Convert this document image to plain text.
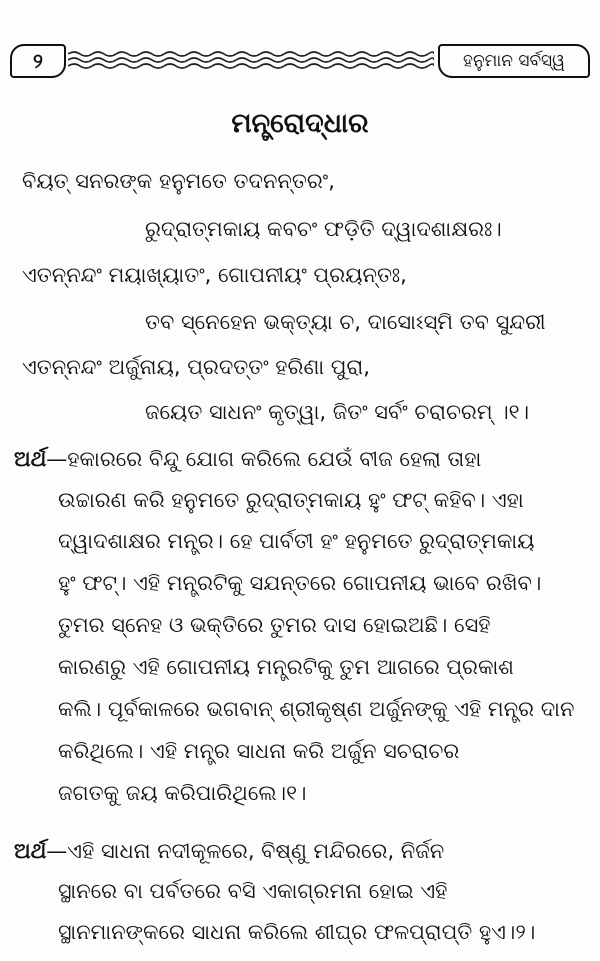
୨	ହନୁମାନ ସର୍ବସ୍ୱ
ମନ୍ତ୍ରୋଦ୍ଧାର
ବିୟତ୍ ସନରଙ୍କ ହନୁମତେ ତଦନନ୍ତରଂ,
ରୁଦ୍ରାତ୍ମକାୟ କବଚଂ ଫଡ଼ିତି ଦ୍ୱାଦଶାକ୍ଷରଃ।
ଏତନ୍ନନ୍ଦଂ ମୟାଖ୍ୟାତଂ, ଗୋପନୀୟଂ ପ୍ରୟନ୍ତଃ,
ତବ ସ୍ନେହେନ ଭକ୍ତ୍ୟା ଚ, ଦାସୋଽସ୍ମି ତବ ସୁନ୍ଦରୀ
ଏତନ୍ନନ୍ଦଂ ଅର୍ଜୁନାୟ, ପ୍ରଦତ୍ତଂ ହରିଣା ପୁରା,
ଜୟେତ ସାଧନଂ କୃତ୍ୱା, ଜିତଂ ସର୍ବଂ ଚରାଚରମ୍ ।୧।
ଅର୍ଥ—ହକାରରେ ବିନ୍ଦୁ ଯୋଗ କରିଲେ ଯେଉଁ ବୀଜ ହେଲା ତାହା
ଉଚ୍ଚାରଣ କରି ହନୁମତେ ରୁଦ୍ରାତ୍ମକାୟ ହୁଂ ଫଟ୍ କହିବ। ଏହା
ଦ୍ୱାଦଶାକ୍ଷର ମନ୍ତ୍ର। ହେ ପାର୍ବତୀ ହଂ ହନୁମତେ ରୁଦ୍ରାତ୍ମକାୟ
ହୁଂ ଫଟ୍। ଏହି ମନ୍ତ୍ରଟିକୁ ସଯନ୍ତରେ ଗୋପନୀୟ ଭାବେ ରଖିବ।
ତୁମର ସ୍ନେହ ଓ ଭକ୍ତିରେ ତୁମର ଦାସ ହୋଇଅଛି। ସେହି
କାରଣରୁ ଏହି ଗୋପନୀୟ ମନ୍ତ୍ରଟିକୁ ତୁମ ଆଗରେ ପ୍ରକାଶ
କଲି। ପୂର୍ବକାଳରେ ଭଗବାନ୍ ଶ୍ରୀକୃଷ୍ଣ ଅର୍ଜୁନଙ୍କୁ ଏହି ମନ୍ତ୍ର ଦାନ
କରିଥିଲେ। ଏହି ମନ୍ତ୍ର ସାଧନା କରି ଅର୍ଜୁନ ସଚରାଚର
ଜଗତକୁ ଜୟ କରିପାରିଥିଲେ।୧।
ଅର୍ଥ—ଏହି ସାଧନା ନଦୀକୂଳରେ, ବିଷ୍ଣୁ ମନ୍ଦିରରେ, ନିର୍ଜନ
ସ୍ଥାନରେ ବା ପର୍ବତରେ ବସି ଏକାଗ୍ରମନା ହୋଇ ଏହି
ସ୍ଥାନମାନଙ୍କରେ ସାଧନା କରିଲେ ଶୀଘ୍ର ଫଳପ୍ରାପ୍ତି ହୁଏ।୨।
